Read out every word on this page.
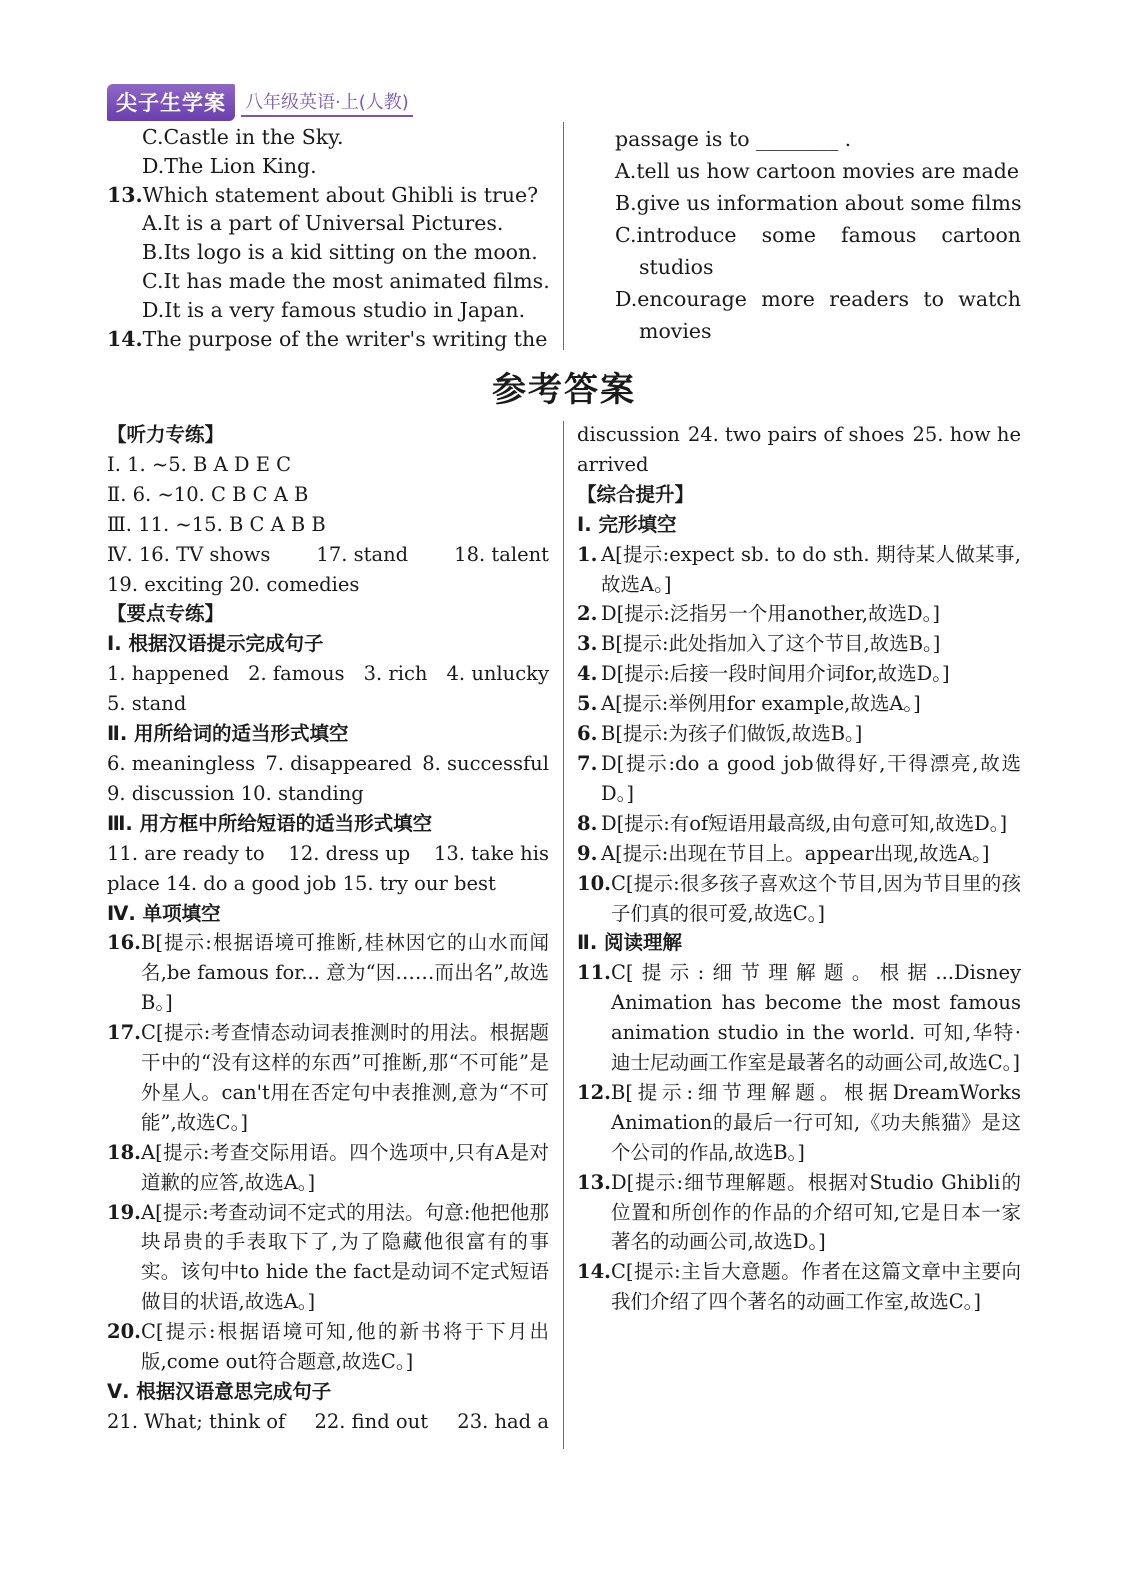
尖子生学案	八年级英语·上(人教)
C.Castle in the Sky.
D.The Lion King.
13. Which statement about Ghibli is true?
A.It is a part of Universal Pictures.
B.Its logo is a kid sitting on the moon.
C.It has made the most animated films.
D.It is a very famous studio in Japan.
14. The purpose of the writer's writing the
passage is to ________ .
A.tell us how cartoon movies are made
B.give us information about some films
C.introduce some famous cartoon
studios
D.encourage more readers to watch
movies
参考答案
【听力专练】
Ⅰ. 1. ~5. B A D E C
Ⅱ. 6. ~10. C B C A B
Ⅲ. 11. ~15. B C A B B
Ⅳ. 16. TV shows 17. stand 18. talent
19. exciting 20. comedies
【要点专练】
Ⅰ. 根据汉语提示完成句子
1. happened 2. famous 3. rich 4. unlucky
5. stand
Ⅱ. 用所给词的适当形式填空
6. meaningless 7. disappeared 8. successful
9. discussion 10. standing
Ⅲ. 用方框中所给短语的适当形式填空
11. are ready to 12. dress up 13. take his
place 14. do a good job 15. try our best
Ⅳ. 单项填空
16. B[提示:根据语境可推断,桂林因它的山水而闻名,be famous for... 意为“因……而出名”,故选B。]
17. C[提示:考查情态动词表推测时的用法。根据题干中的“没有这样的东西”可推断,那“不可能”是外星人。can't用在否定句中表推测,意为“不可能”,故选C。]
18. A[提示:考查交际用语。四个选项中,只有A是对道歉的应答,故选A。]
19. A[提示:考查动词不定式的用法。句意:他把他那块昂贵的手表取下了,为了隐藏他很富有的事实。该句中to hide the fact是动词不定式短语做目的状语,故选A。]
20. C[提示:根据语境可知,他的新书将于下月出版,come out符合题意,故选C。]
Ⅴ. 根据汉语意思完成句子
21. What; think of 22. find out 23. had a
discussion 24. two pairs of shoes 25. how he
arrived
【综合提升】
Ⅰ. 完形填空
1. A[提示:expect sb. to do sth. 期待某人做某事,故选A。]
2. D[提示:泛指另一个用another,故选D。]
3. B[提示:此处指加入了这个节目,故选B。]
4. D[提示:后接一段时间用介词for,故选D。]
5. A[提示:举例用for example,故选A。]
6. B[提示:为孩子们做饭,故选B。]
7. D[提示:do a good job做得好,干得漂亮,故选D。]
8. D[提示:有of短语用最高级,由句意可知,故选D。]
9. A[提示:出现在节目上。appear出现,故选A。]
10. C[提示:很多孩子喜欢这个节目,因为节目里的孩子们真的很可爱,故选C。]
Ⅱ. 阅读理解
11. C[提示:细节理解题。根据...Disney Animation has become the most famous animation studio in the world. 可知,华特·迪士尼动画工作室是最著名的动画公司,故选C。]
12. B[提示:细节理解题。根据DreamWorks Animation的最后一行可知,《功夫熊猫》是这个公司的作品,故选B。]
13. D[提示:细节理解题。根据对Studio Ghibli的位置和所创作的作品的介绍可知,它是日本一家著名的动画公司,故选D。]
14. C[提示:主旨大意题。作者在这篇文章中主要向我们介绍了四个著名的动画工作室,故选C。]
